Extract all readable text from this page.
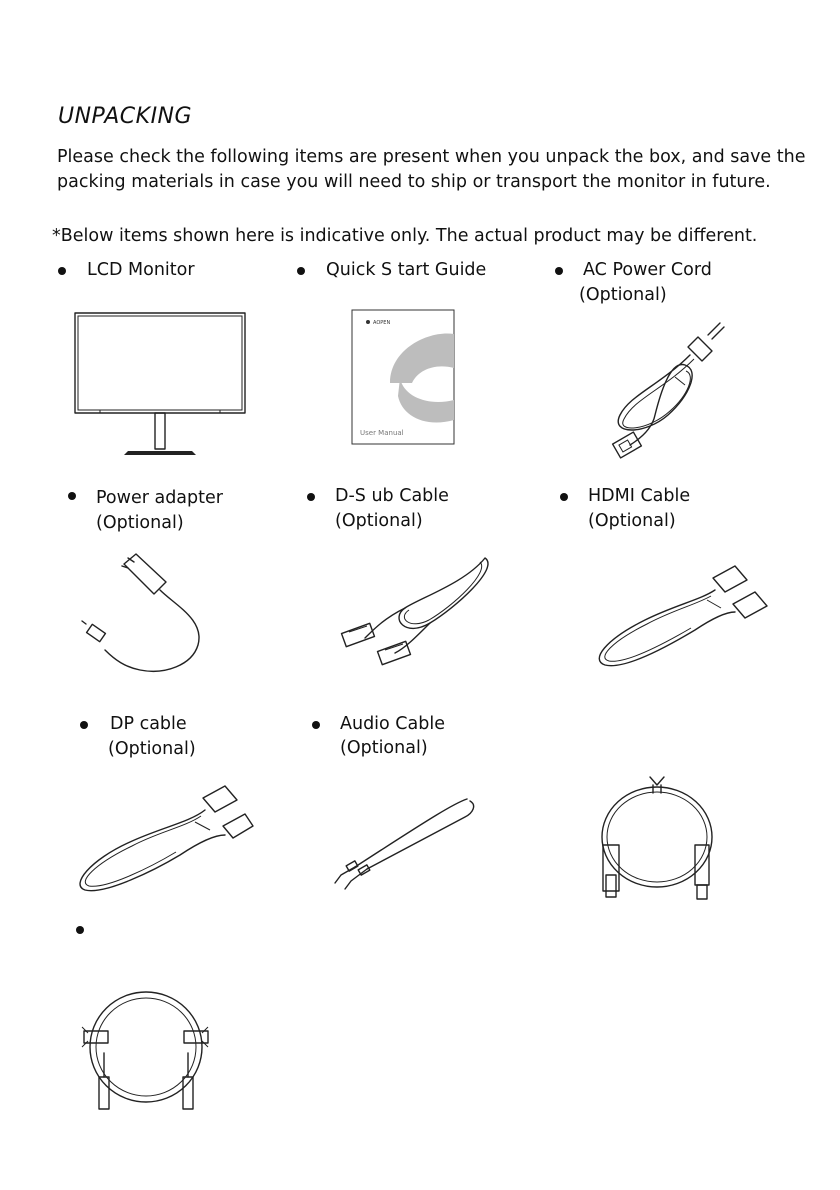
UNPACKING

Please check the following items are present when you unpack the box, and save the packing materials in case you will need to ship or transport the monitor in future.

*Below items shown here is indicative only. The actual product may be different.

LCD Monitor	Quick S tart Guide	AC Power Cord
(Optional)
Power adapter
(Optional)
D-S ub Cable
(Optional)
HDMI Cable
(Optional)
DP cable
(Optional)
Audio Cable
(Optional)
AOPEN
User Manual
